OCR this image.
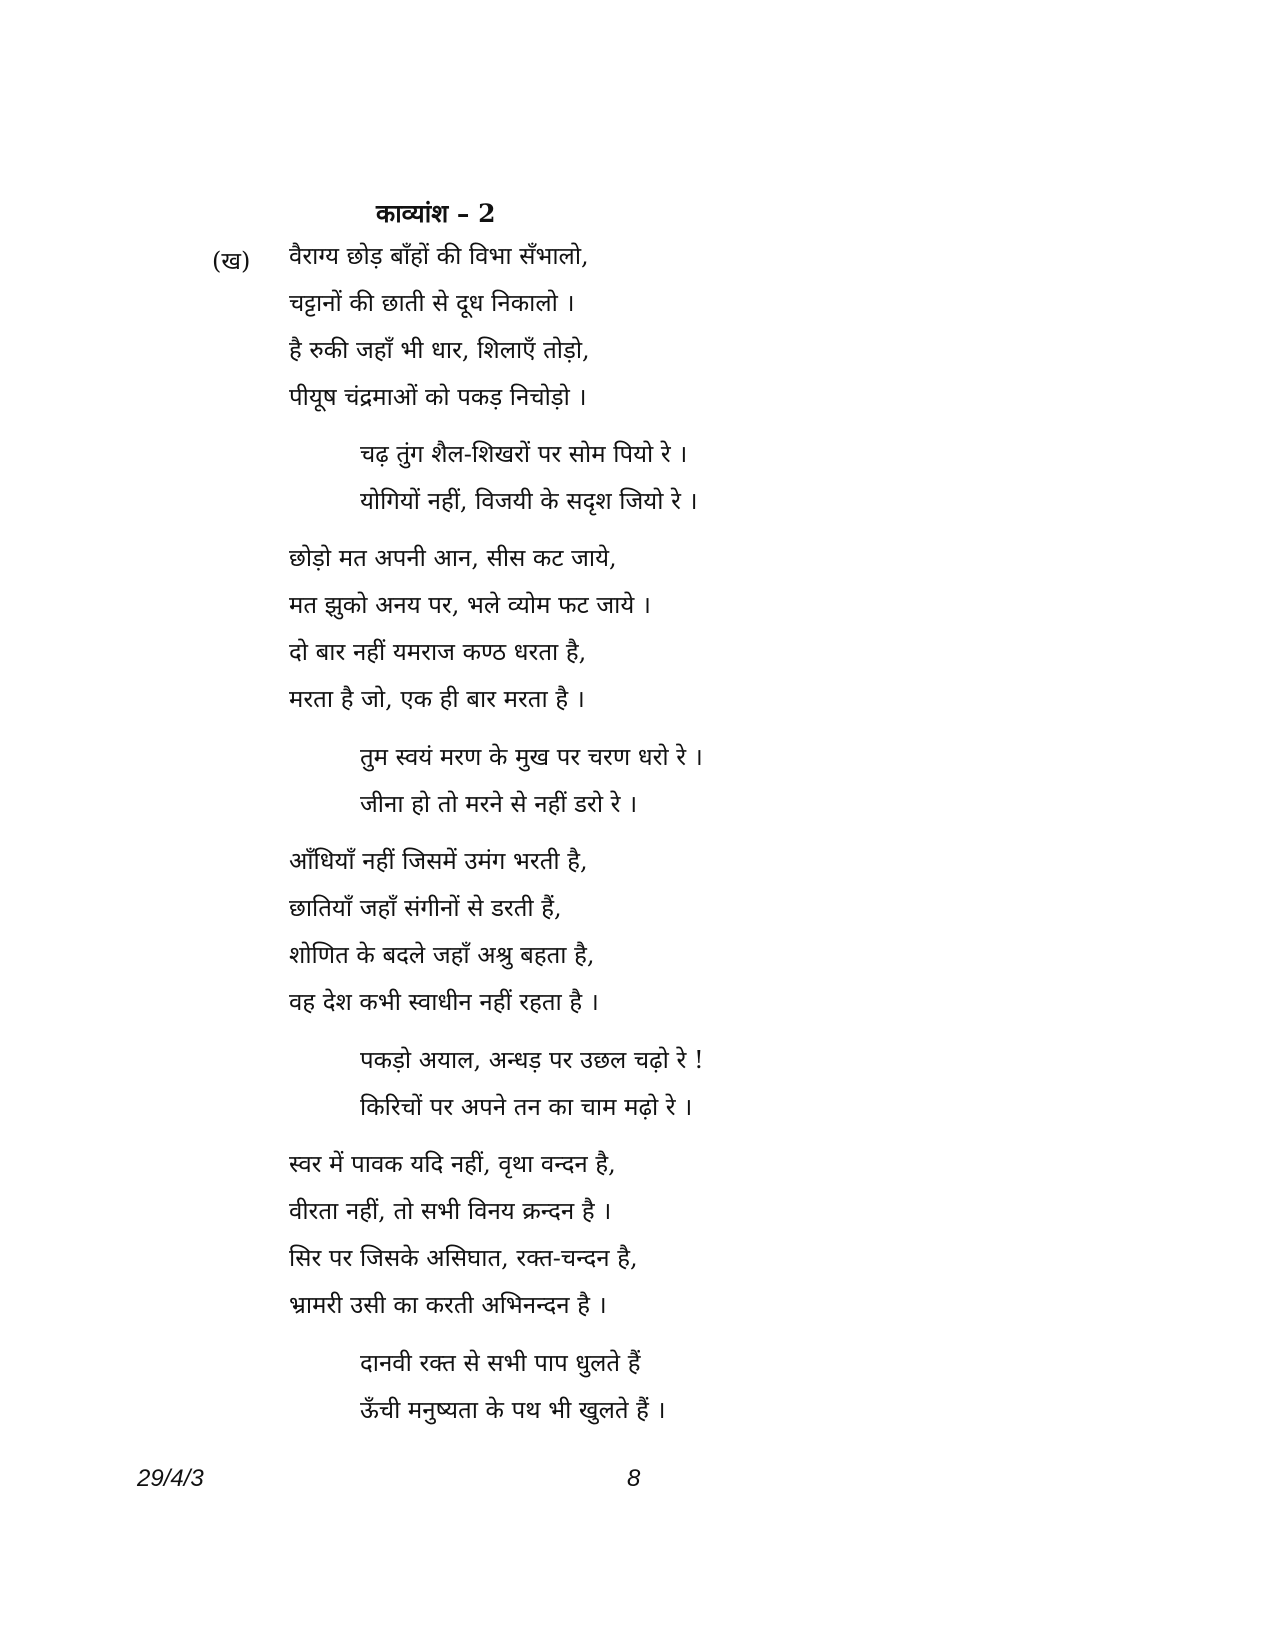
काव्यांश – 2
(ख) वैराग्य छोड़ बाँहों की विभा सँभालो,
चट्टानों की छाती से दूध निकालो ।
है रुकी जहाँ भी धार, शिलाएँ तोड़ो,
पीयूष चंद्रमाओं को पकड़ निचोड़ो ।
चढ़ तुंग शैल-शिखरों पर सोम पियो रे ।
योगियों नहीं, विजयी के सदृश जियो रे ।
छोड़ो मत अपनी आन, सीस कट जाये,
मत झुको अनय पर, भले व्योम फट जाये ।
दो बार नहीं यमराज कण्ठ धरता है,
मरता है जो, एक ही बार मरता है ।
तुम स्वयं मरण के मुख पर चरण धरो रे ।
जीना हो तो मरने से नहीं डरो रे ।
आँधियाँ नहीं जिसमें उमंग भरती है,
छातियाँ जहाँ संगीनों से डरती हैं,
शोणित के बदले जहाँ अश्रु बहता है,
वह देश कभी स्वाधीन नहीं रहता है ।
पकड़ो अयाल, अन्धड़ पर उछल चढ़ो रे !
किरिचों पर अपने तन का चाम मढ़ो रे ।
स्वर में पावक यदि नहीं, वृथा वन्दन है,
वीरता नहीं, तो सभी विनय क्रन्दन है ।
सिर पर जिसके असिघात, रक्त-चन्दन है,
भ्रामरी उसी का करती अभिनन्दन है ।
दानवी रक्त से सभी पाप धुलते हैं
ऊँची मनुष्यता के पथ भी खुलते हैं ।
29/4/3	8
